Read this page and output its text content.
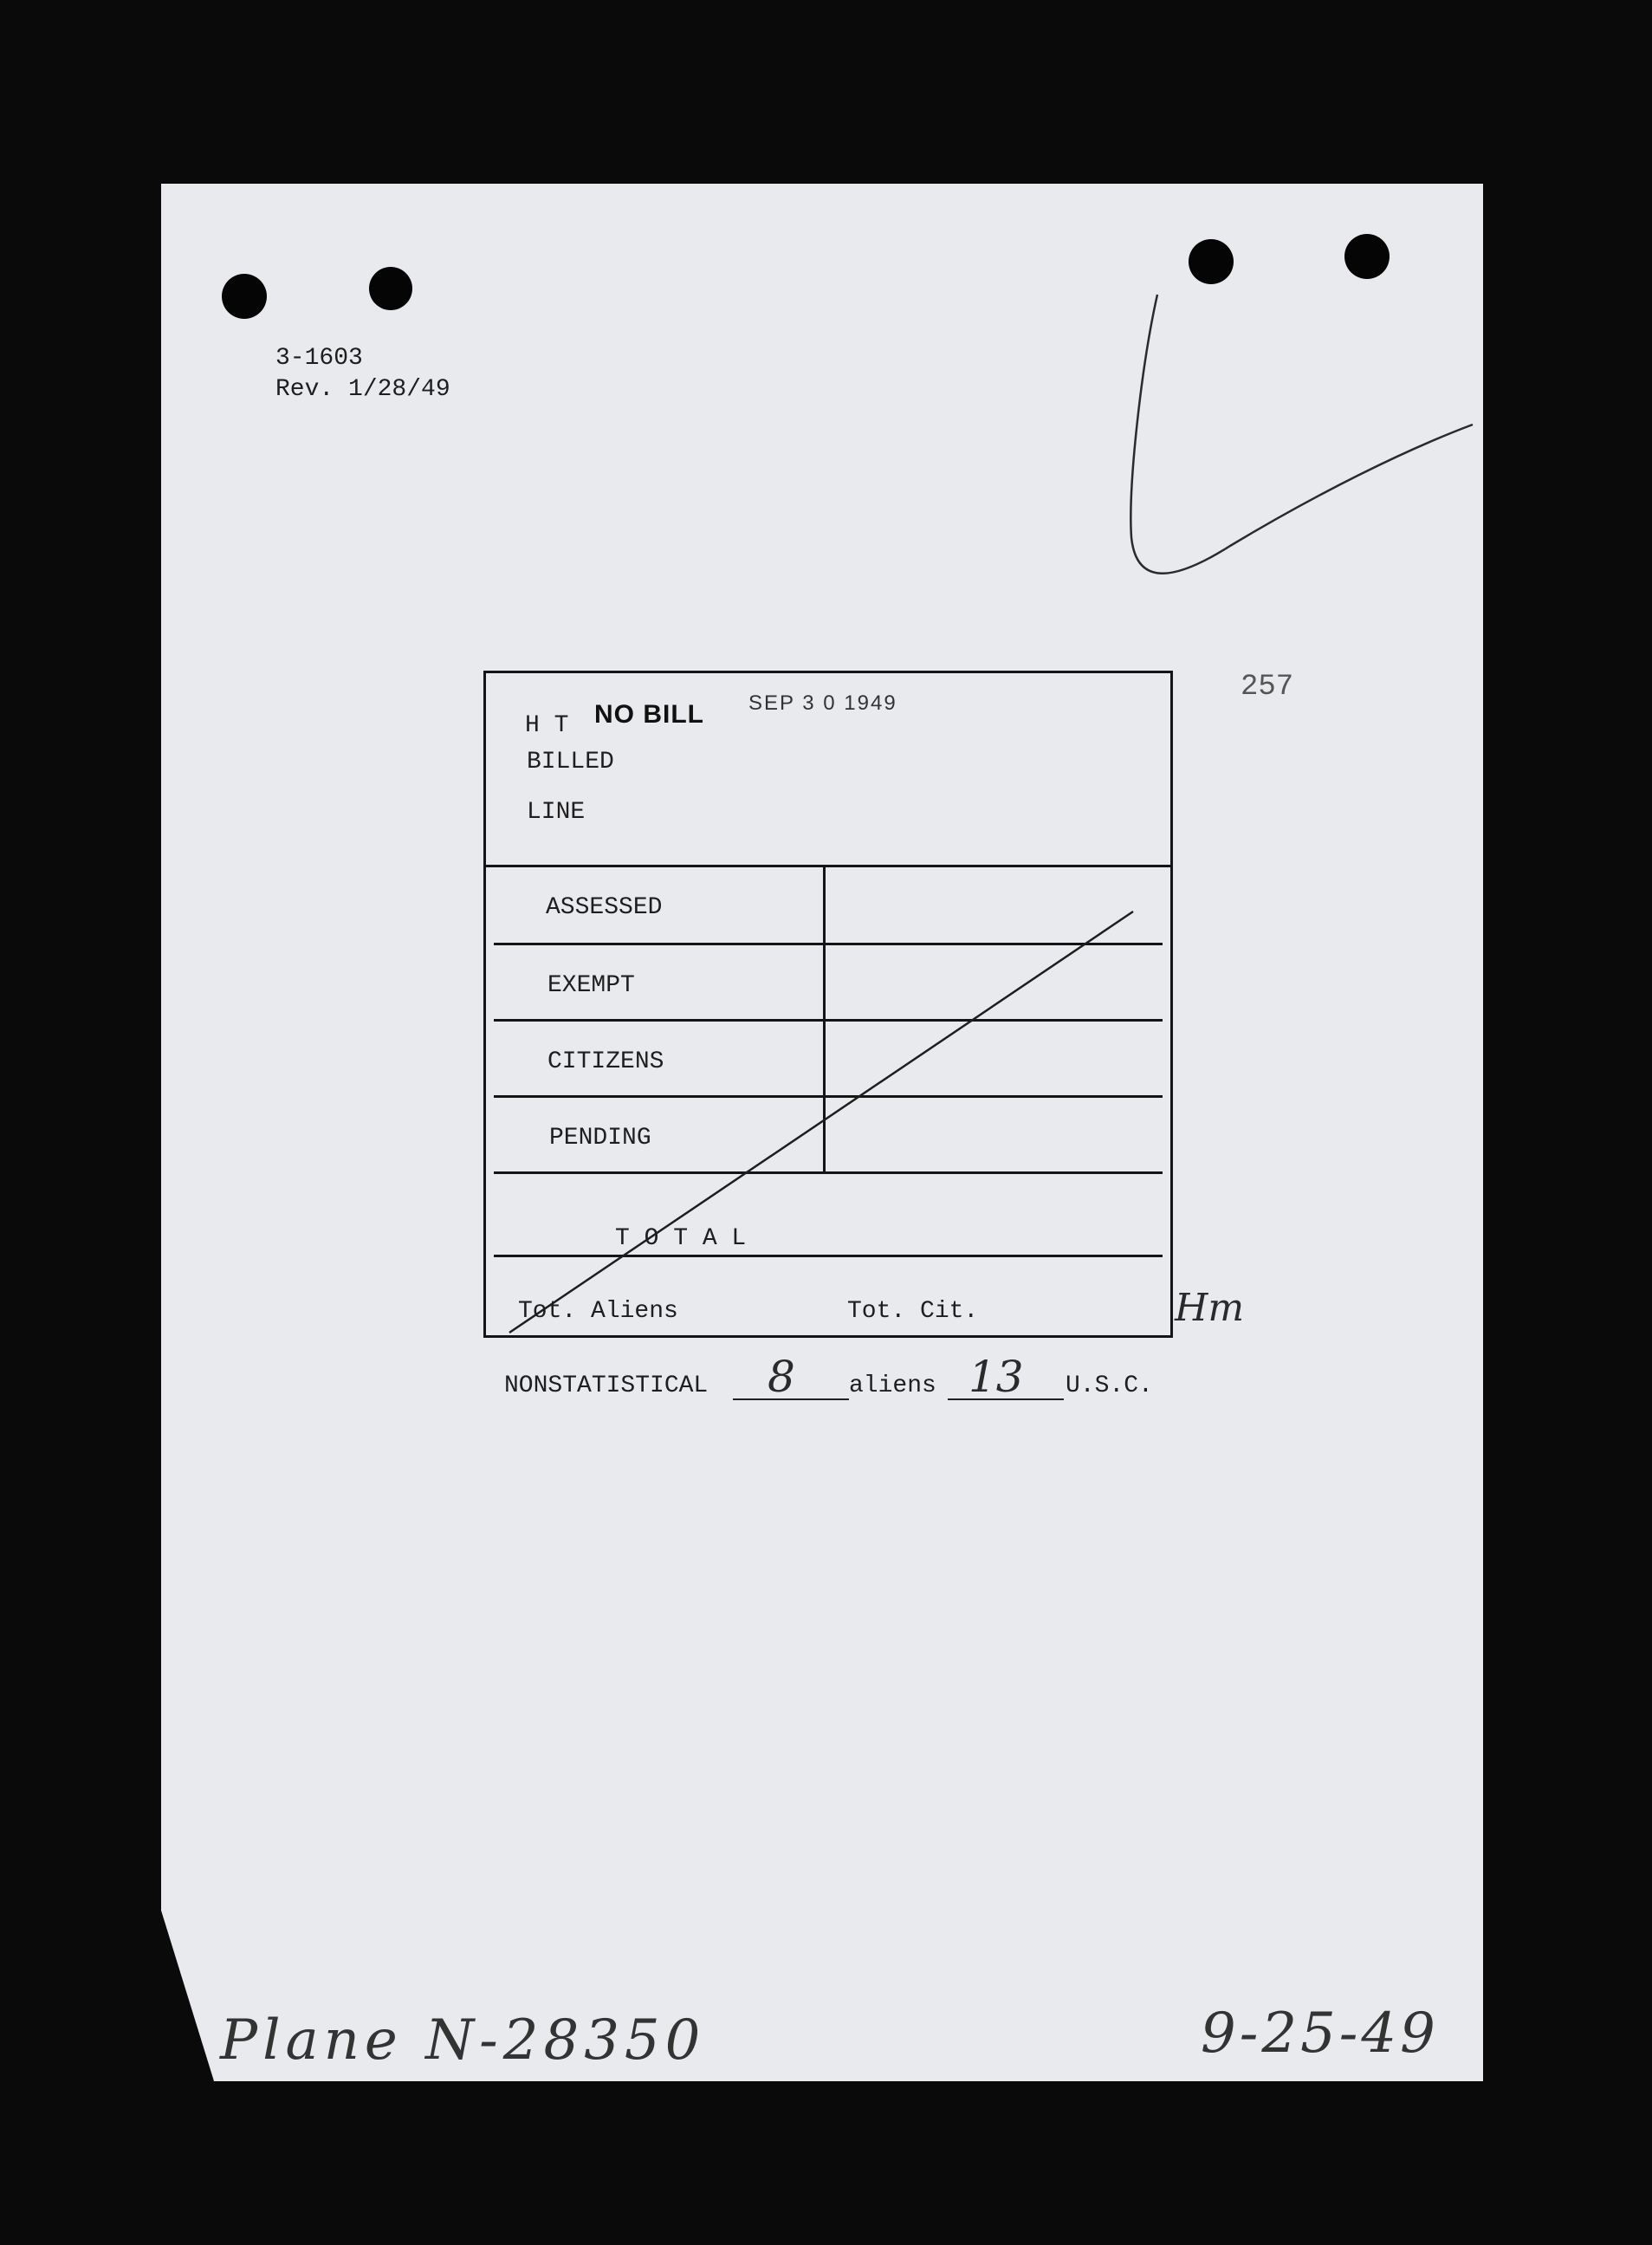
3-1603
Rev. 1/28/49
257
H T NO BILL SEP 3 0 1949
BILLED
LINE
ASSESSED
EXEMPT
CITIZENS
PENDING
T O T A L
Tot. Aliens	Tot. Cit.
NONSTATISTICAL 8 aliens 13 U.S.C.
Hm
Plane N-28350	9-25-49
